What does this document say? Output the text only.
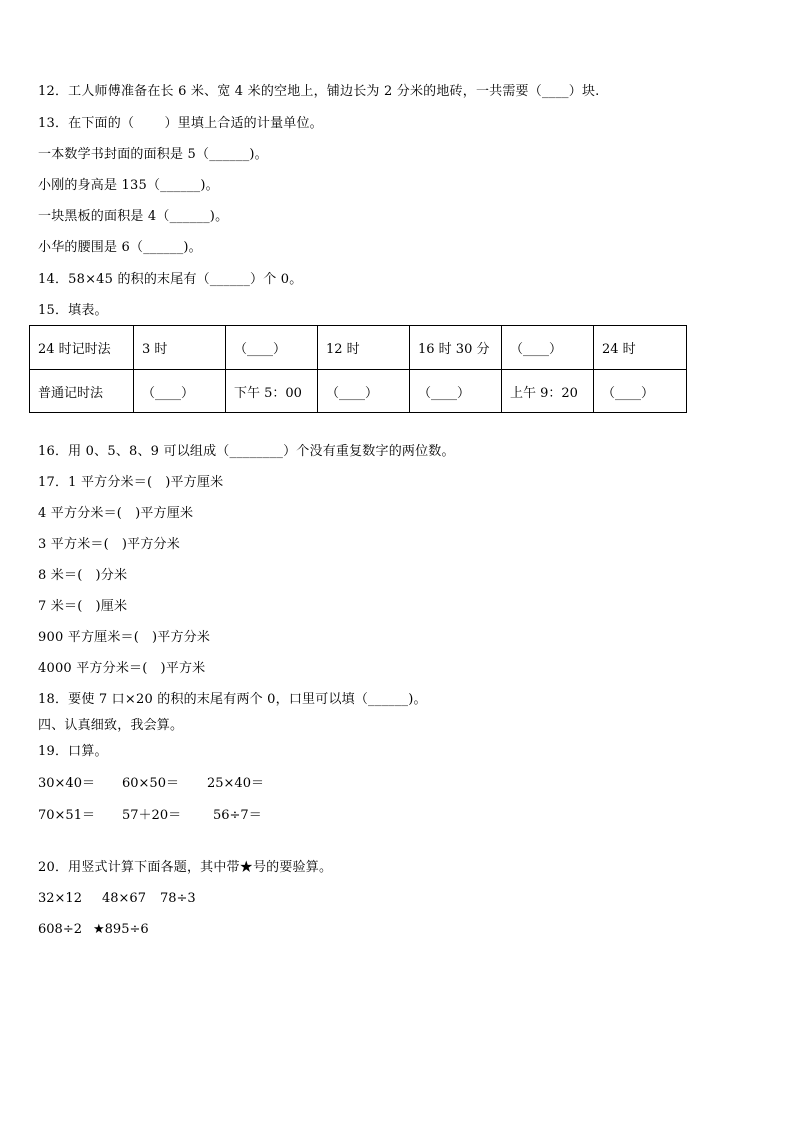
12．工人师傅准备在长 6 米、宽 4 米的空地上，铺边长为 2 分米的地砖，一共需要（____）块.
13．在下面的（       ）里填上合适的计量单位。
一本数学书封面的面积是 5（______)。
小刚的身高是 135（______)。
一块黑板的面积是 4（______)。
小华的腰围是 6（______)。
14．58×45 的积的末尾有（______）个 0。
15．填表。
24 时记时法	3 时	（____）	12 时	16 时 30 分	（____）	24 时
普通记时法	（____）	下午 5：00	（____）	（____）	上午 9：20	（____）
16．用 0、5、8、9 可以组成（________）个没有重复数字的两位数。
17．1 平方分米＝(   )平方厘米
4 平方分米＝(   )平方厘米
3 平方米＝(   )平方分米
8 米＝(   )分米
7 米＝(   )厘米
900 平方厘米＝(   )平方分米
4000 平方分米＝(   )平方米
18．要使 7 口×20 的积的末尾有两个 0，口里可以填（______)。
四、认真细致，我会算。
19．口算。
30×40＝ 60×50＝ 25×40＝
70×51＝ 57＋20＝ 56÷7＝
20．用竖式计算下面各题，其中带★号的要验算。
32×12 48×67 78÷3
608÷2 ★895÷6
